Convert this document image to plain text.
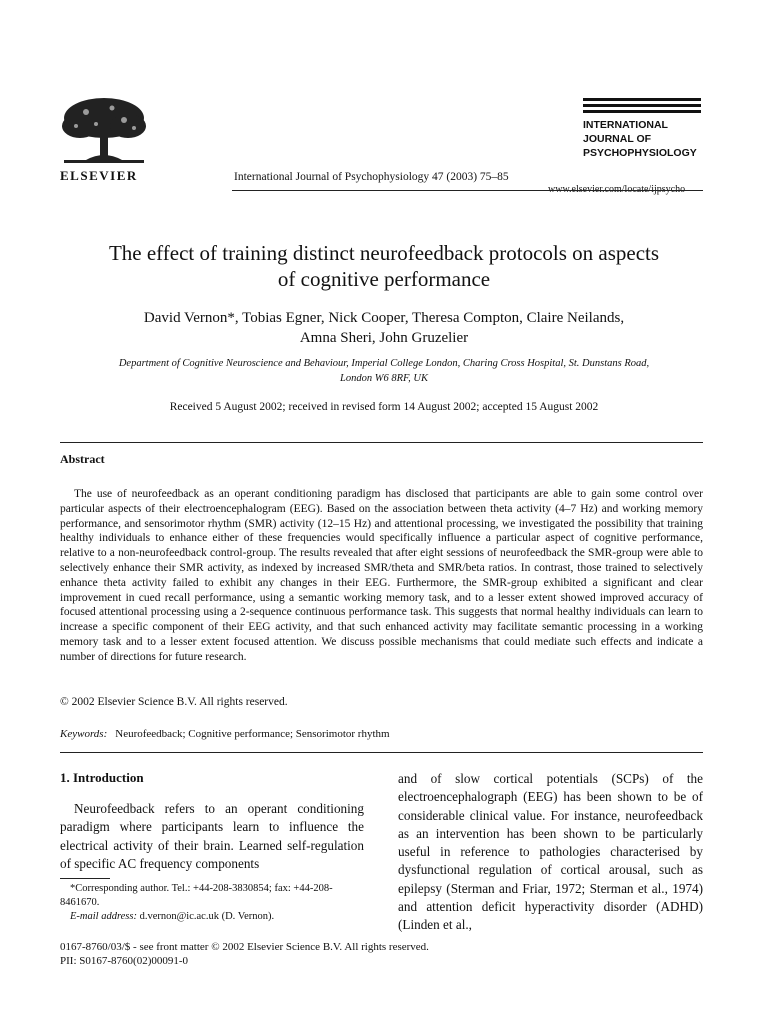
ELSEVIER	International Journal of Psychophysiology 47 (2003) 75–85
INTERNATIONAL
JOURNAL OF
PSYCHOPHYSIOLOGY
The effect of training distinct neurofeedback protocols on aspects
of cognitive performance
David Vernon*, Tobias Egner, Nick Cooper, Theresa Compton, Claire Neilands,
Amna Sheri, John Gruzelier
Department of Cognitive Neuroscience and Behaviour, Imperial College London, Charing Cross Hospital, St. Dunstans Road,
London W6 8RF, UK
Received 5 August 2002; received in revised form 14 August 2002; accepted 15 August 2002
Abstract
The use of neurofeedback as an operant conditioning paradigm has disclosed that participants are able to gain some control over particular aspects of their electroencephalogram (EEG). Based on the association between theta activity (4–7 Hz) and working memory performance, and sensorimotor rhythm (SMR) activity (12–15 Hz) and attentional processing, we investigated the possibility that training healthy individuals to enhance either of these frequencies would specifically influence a particular aspect of cognitive performance, relative to a non-neurofeedback control-group. The results revealed that after eight sessions of neurofeedback the SMR-group were able to selectively enhance their SMR activity, as indexed by increased SMR/theta and SMR/beta ratios. In contrast, those trained to selectively enhance theta activity failed to exhibit any changes in their EEG. Furthermore, the SMR-group exhibited a significant and clear improvement in cued recall performance, using a semantic working memory task, and to a lesser extent showed improved accuracy of focused attentional processing using a 2-sequence continuous performance task. This suggests that normal healthy individuals can learn to increase a specific component of their EEG activity, and that such enhanced activity may facilitate semantic processing in a working memory task and to a lesser extent focused attention. We discuss possible mechanisms that could mediate such effects and indicate a number of directions for future research.
© 2002 Elsevier Science B.V. All rights reserved.
Keywords: Neurofeedback; Cognitive performance; Sensorimotor rhythm
1. Introduction

Neurofeedback refers to an operant conditioning paradigm where participants learn to influence the electrical activity of their brain. Learned self-regulation of specific AC frequency components

and of slow cortical potentials (SCPs) of the electroencephalograph (EEG) has been shown to be of considerable clinical value. For instance, neurofeedback as an intervention has been shown to be particularly useful in reference to pathologies characterised by dysfunctional regulation of cortical arousal, such as epilepsy (Sterman and Friar, 1972; Sterman et al., 1974) and attention deficit hyperactivity disorder (ADHD) (Linden et al.,

*Corresponding author. Tel.: +44-208-3830854; fax: +44-208-8461670.
E-mail address: d.vernon@ic.ac.uk (D. Vernon).
0167-8760/03/$ - see front matter © 2002 Elsevier Science B.V. All rights reserved.
PII: S0167-8760(02)00091-0
